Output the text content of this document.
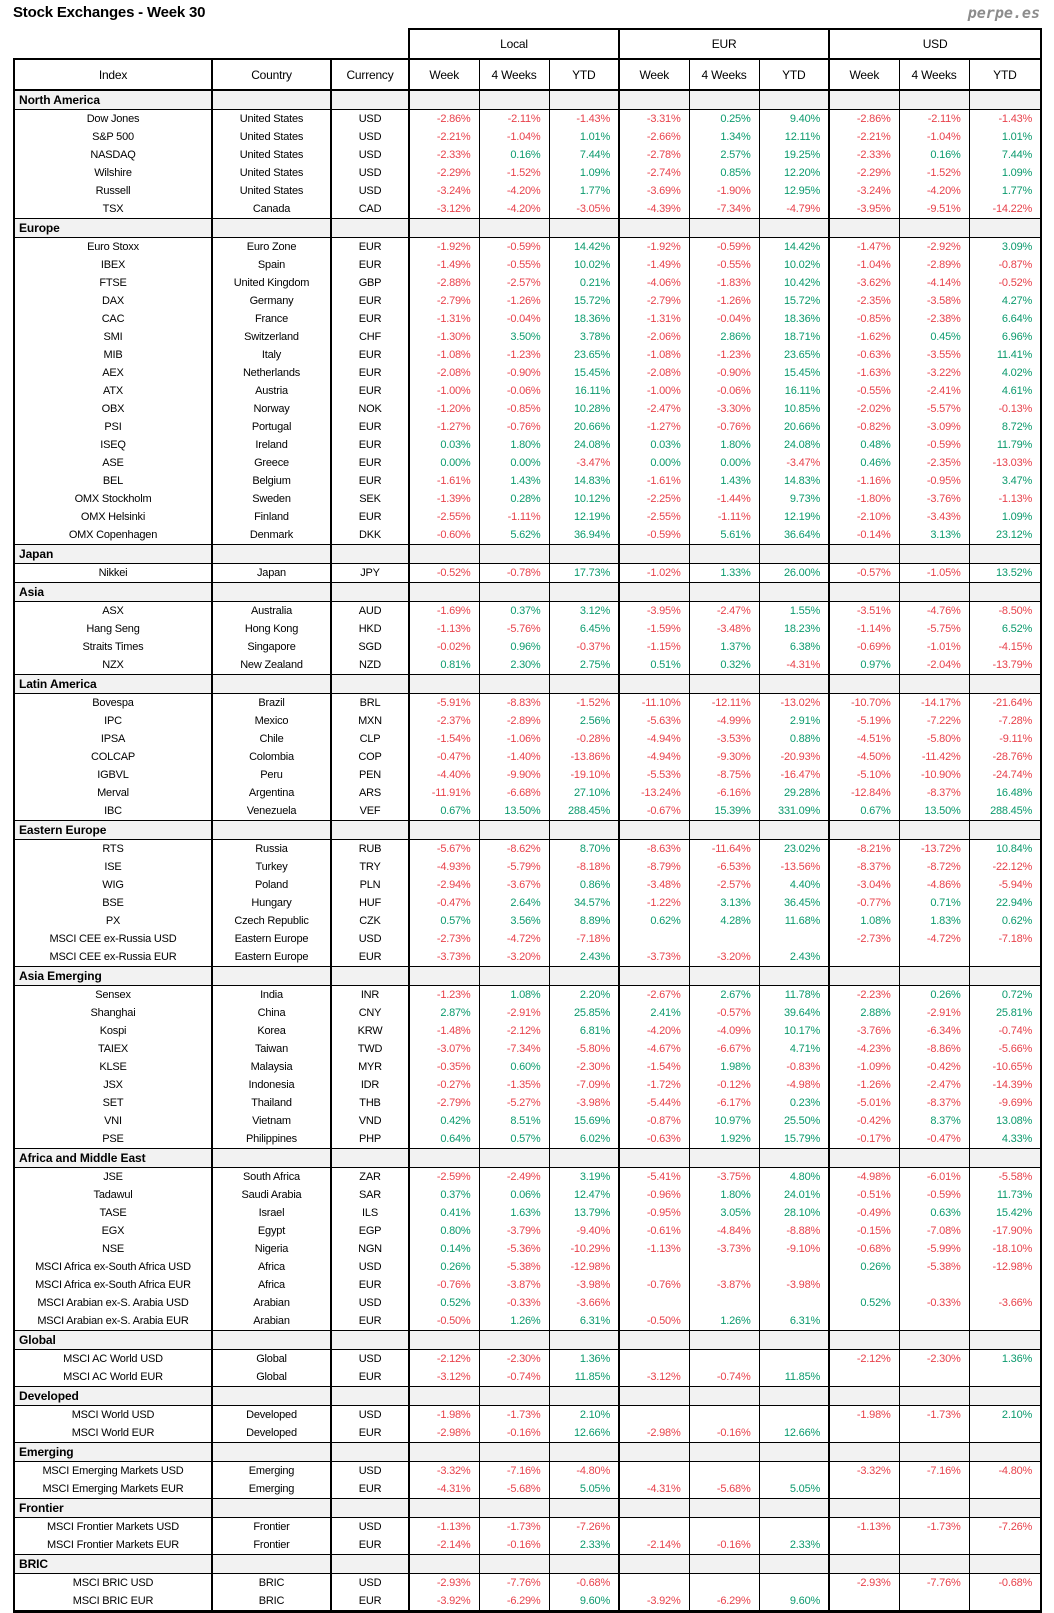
Stock Exchanges - Week 30	perpe.es
			Local			EUR			USD		
Index	Country	Currency	Week	4 Weeks	YTD	Week	4 Weeks	YTD	Week	4 Weeks	YTD
North America											
Dow Jones	United States	USD	-2.86%	-2.11%	-1.43%	-3.31%	0.25%	9.40%	-2.86%	-2.11%	-1.43%
S&P 500	United States	USD	-2.21%	-1.04%	1.01%	-2.66%	1.34%	12.11%	-2.21%	-1.04%	1.01%
NASDAQ	United States	USD	-2.33%	0.16%	7.44%	-2.78%	2.57%	19.25%	-2.33%	0.16%	7.44%
Wilshire	United States	USD	-2.29%	-1.52%	1.09%	-2.74%	0.85%	12.20%	-2.29%	-1.52%	1.09%
Russell	United States	USD	-3.24%	-4.20%	1.77%	-3.69%	-1.90%	12.95%	-3.24%	-4.20%	1.77%
TSX	Canada	CAD	-3.12%	-4.20%	-3.05%	-4.39%	-7.34%	-4.79%	-3.95%	-9.51%	-14.22%
Europe											
Euro Stoxx	Euro Zone	EUR	-1.92%	-0.59%	14.42%	-1.92%	-0.59%	14.42%	-1.47%	-2.92%	3.09%
IBEX	Spain	EUR	-1.49%	-0.55%	10.02%	-1.49%	-0.55%	10.02%	-1.04%	-2.89%	-0.87%
FTSE	United Kingdom	GBP	-2.88%	-2.57%	0.21%	-4.06%	-1.83%	10.42%	-3.62%	-4.14%	-0.52%
DAX	Germany	EUR	-2.79%	-1.26%	15.72%	-2.79%	-1.26%	15.72%	-2.35%	-3.58%	4.27%
CAC	France	EUR	-1.31%	-0.04%	18.36%	-1.31%	-0.04%	18.36%	-0.85%	-2.38%	6.64%
SMI	Switzerland	CHF	-1.30%	3.50%	3.78%	-2.06%	2.86%	18.71%	-1.62%	0.45%	6.96%
MIB	Italy	EUR	-1.08%	-1.23%	23.65%	-1.08%	-1.23%	23.65%	-0.63%	-3.55%	11.41%
AEX	Netherlands	EUR	-2.08%	-0.90%	15.45%	-2.08%	-0.90%	15.45%	-1.63%	-3.22%	4.02%
ATX	Austria	EUR	-1.00%	-0.06%	16.11%	-1.00%	-0.06%	16.11%	-0.55%	-2.41%	4.61%
OBX	Norway	NOK	-1.20%	-0.85%	10.28%	-2.47%	-3.30%	10.85%	-2.02%	-5.57%	-0.13%
PSI	Portugal	EUR	-1.27%	-0.76%	20.66%	-1.27%	-0.76%	20.66%	-0.82%	-3.09%	8.72%
ISEQ	Ireland	EUR	0.03%	1.80%	24.08%	0.03%	1.80%	24.08%	0.48%	-0.59%	11.79%
ASE	Greece	EUR	0.00%	0.00%	-3.47%	0.00%	0.00%	-3.47%	0.46%	-2.35%	-13.03%
BEL	Belgium	EUR	-1.61%	1.43%	14.83%	-1.61%	1.43%	14.83%	-1.16%	-0.95%	3.47%
OMX Stockholm	Sweden	SEK	-1.39%	0.28%	10.12%	-2.25%	-1.44%	9.73%	-1.80%	-3.76%	-1.13%
OMX Helsinki	Finland	EUR	-2.55%	-1.11%	12.19%	-2.55%	-1.11%	12.19%	-2.10%	-3.43%	1.09%
OMX Copenhagen	Denmark	DKK	-0.60%	5.62%	36.94%	-0.59%	5.61%	36.64%	-0.14%	3.13%	23.12%
Japan											
Nikkei	Japan	JPY	-0.52%	-0.78%	17.73%	-1.02%	1.33%	26.00%	-0.57%	-1.05%	13.52%
Asia											
ASX	Australia	AUD	-1.69%	0.37%	3.12%	-3.95%	-2.47%	1.55%	-3.51%	-4.76%	-8.50%
Hang Seng	Hong Kong	HKD	-1.13%	-5.76%	6.45%	-1.59%	-3.48%	18.23%	-1.14%	-5.75%	6.52%
Straits Times	Singapore	SGD	-0.02%	0.96%	-0.37%	-1.15%	1.37%	6.38%	-0.69%	-1.01%	-4.15%
NZX	New Zealand	NZD	0.81%	2.30%	2.75%	0.51%	0.32%	-4.31%	0.97%	-2.04%	-13.79%
Latin America											
Bovespa	Brazil	BRL	-5.91%	-8.83%	-1.52%	-11.10%	-12.11%	-13.02%	-10.70%	-14.17%	-21.64%
IPC	Mexico	MXN	-2.37%	-2.89%	2.56%	-5.63%	-4.99%	2.91%	-5.19%	-7.22%	-7.28%
IPSA	Chile	CLP	-1.54%	-1.06%	-0.28%	-4.94%	-3.53%	0.88%	-4.51%	-5.80%	-9.11%
COLCAP	Colombia	COP	-0.47%	-1.40%	-13.86%	-4.94%	-9.30%	-20.93%	-4.50%	-11.42%	-28.76%
IGBVL	Peru	PEN	-4.40%	-9.90%	-19.10%	-5.53%	-8.75%	-16.47%	-5.10%	-10.90%	-24.74%
Merval	Argentina	ARS	-11.91%	-6.68%	27.10%	-13.24%	-6.16%	29.28%	-12.84%	-8.37%	16.48%
IBC	Venezuela	VEF	0.67%	13.50%	288.45%	-0.67%	15.39%	331.09%	0.67%	13.50%	288.45%
Eastern Europe											
RTS	Russia	RUB	-5.67%	-8.62%	8.70%	-8.63%	-11.64%	23.02%	-8.21%	-13.72%	10.84%
ISE	Turkey	TRY	-4.93%	-5.79%	-8.18%	-8.79%	-6.53%	-13.56%	-8.37%	-8.72%	-22.12%
WIG	Poland	PLN	-2.94%	-3.67%	0.86%	-3.48%	-2.57%	4.40%	-3.04%	-4.86%	-5.94%
BSE	Hungary	HUF	-0.47%	2.64%	34.57%	-1.22%	3.13%	36.45%	-0.77%	0.71%	22.94%
PX	Czech Republic	CZK	0.57%	3.56%	8.89%	0.62%	4.28%	11.68%	1.08%	1.83%	0.62%
MSCI CEE ex-Russia USD	Eastern Europe	USD	-2.73%	-4.72%	-7.18%				-2.73%	-4.72%	-7.18%
MSCI CEE ex-Russia EUR	Eastern Europe	EUR	-3.73%	-3.20%	2.43%	-3.73%	-3.20%	2.43%			
Asia Emerging											
Sensex	India	INR	-1.23%	1.08%	2.20%	-2.67%	2.67%	11.78%	-2.23%	0.26%	0.72%
Shanghai	China	CNY	2.87%	-2.91%	25.85%	2.41%	-0.57%	39.64%	2.88%	-2.91%	25.81%
Kospi	Korea	KRW	-1.48%	-2.12%	6.81%	-4.20%	-4.09%	10.17%	-3.76%	-6.34%	-0.74%
TAIEX	Taiwan	TWD	-3.07%	-7.34%	-5.80%	-4.67%	-6.67%	4.71%	-4.23%	-8.86%	-5.66%
KLSE	Malaysia	MYR	-0.35%	0.60%	-2.30%	-1.54%	1.98%	-0.83%	-1.09%	-0.42%	-10.65%
JSX	Indonesia	IDR	-0.27%	-1.35%	-7.09%	-1.72%	-0.12%	-4.98%	-1.26%	-2.47%	-14.39%
SET	Thailand	THB	-2.79%	-5.27%	-3.98%	-5.44%	-6.17%	0.23%	-5.01%	-8.37%	-9.69%
VNI	Vietnam	VND	0.42%	8.51%	15.69%	-0.87%	10.97%	25.50%	-0.42%	8.37%	13.08%
PSE	Philippines	PHP	0.64%	0.57%	6.02%	-0.63%	1.92%	15.79%	-0.17%	-0.47%	4.33%
Africa and Middle East											
JSE	South Africa	ZAR	-2.59%	-2.49%	3.19%	-5.41%	-3.75%	4.80%	-4.98%	-6.01%	-5.58%
Tadawul	Saudi Arabia	SAR	0.37%	0.06%	12.47%	-0.96%	1.80%	24.01%	-0.51%	-0.59%	11.73%
TASE	Israel	ILS	0.41%	1.63%	13.79%	-0.95%	3.05%	28.10%	-0.49%	0.63%	15.42%
EGX	Egypt	EGP	0.80%	-3.79%	-9.40%	-0.61%	-4.84%	-8.88%	-0.15%	-7.08%	-17.90%
NSE	Nigeria	NGN	0.14%	-5.36%	-10.29%	-1.13%	-3.73%	-9.10%	-0.68%	-5.99%	-18.10%
MSCI Africa ex-South Africa USD	Africa	USD	0.26%	-5.38%	-12.98%				0.26%	-5.38%	-12.98%
MSCI Africa ex-South Africa EUR	Africa	EUR	-0.76%	-3.87%	-3.98%	-0.76%	-3.87%	-3.98%			
MSCI Arabian ex-S. Arabia USD	Arabian	USD	0.52%	-0.33%	-3.66%				0.52%	-0.33%	-3.66%
MSCI Arabian ex-S. Arabia EUR	Arabian	EUR	-0.50%	1.26%	6.31%	-0.50%	1.26%	6.31%			
Global											
MSCI AC World USD	Global	USD	-2.12%	-2.30%	1.36%				-2.12%	-2.30%	1.36%
MSCI AC World EUR	Global	EUR	-3.12%	-0.74%	11.85%	-3.12%	-0.74%	11.85%			
Developed											
MSCI World USD	Developed	USD	-1.98%	-1.73%	2.10%				-1.98%	-1.73%	2.10%
MSCI World EUR	Developed	EUR	-2.98%	-0.16%	12.66%	-2.98%	-0.16%	12.66%			
Emerging											
MSCI Emerging Markets USD	Emerging	USD	-3.32%	-7.16%	-4.80%				-3.32%	-7.16%	-4.80%
MSCI Emerging Markets EUR	Emerging	EUR	-4.31%	-5.68%	5.05%	-4.31%	-5.68%	5.05%			
Frontier											
MSCI Frontier Markets USD	Frontier	USD	-1.13%	-1.73%	-7.26%				-1.13%	-1.73%	-7.26%
MSCI Frontier Markets EUR	Frontier	EUR	-2.14%	-0.16%	2.33%	-2.14%	-0.16%	2.33%			
BRIC											
MSCI BRIC USD	BRIC	USD	-2.93%	-7.76%	-0.68%				-2.93%	-7.76%	-0.68%
MSCI BRIC EUR	BRIC	EUR	-3.92%	-6.29%	9.60%	-3.92%	-6.29%	9.60%			
